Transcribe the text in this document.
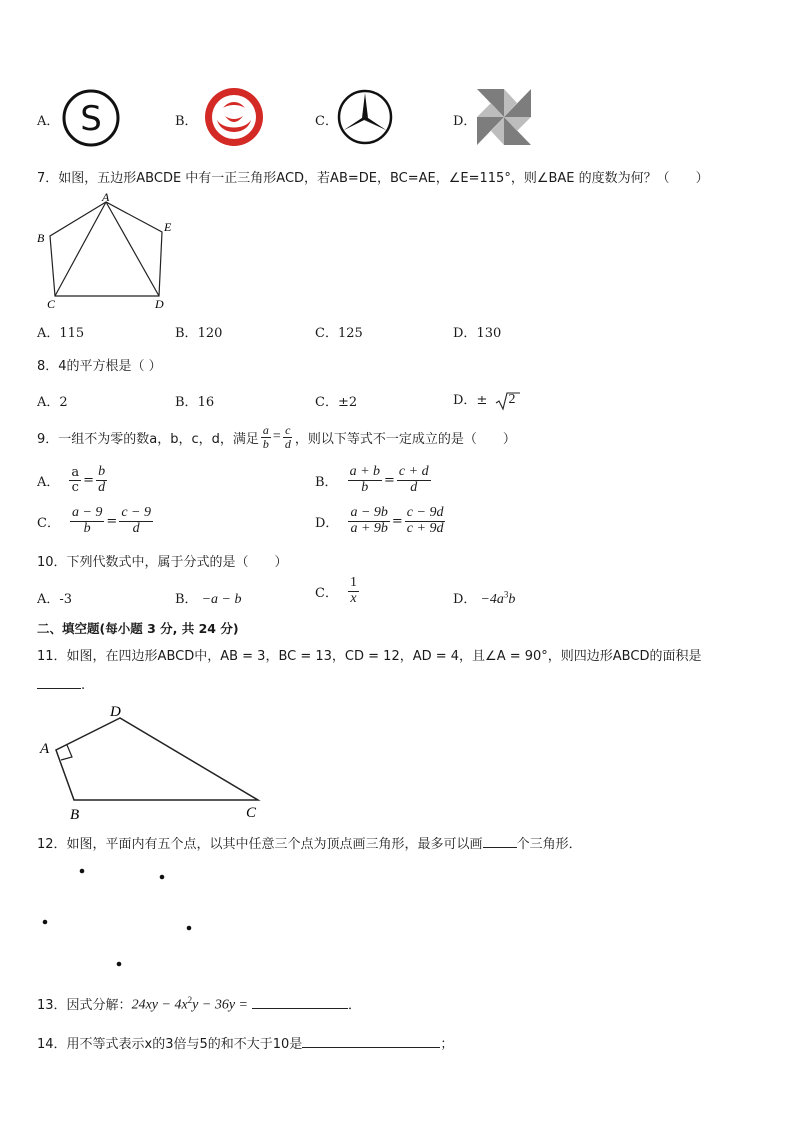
A． S	B．	C．	D．
7．如图，五边形ABCDE 中有一正三角形ACD，若AB=DE，BC=AE，∠E=115°，则∠BAE 的度数为何？（　　）
A
B
C	D
E
A．115	B．120	C．125	D．130
8．4的平方根是（ ）
A．2	B．16	C．±2	D．± 2
9． 一组不为零的数a，b，c，d，满足 $\frac{a}{b} = \frac{c}{d}$ ，则以下等式不一定成立的是（　　）
A． $\frac{a}{c} = \frac{b}{d}$	B． $\frac{a + b}{b} = \frac{c + d}{d}$
C． $\frac{a - 9}{b} = \frac{c - 9}{d}$	D． $\frac{a - 9b}{a + 9b} = \frac{c - 9d}{c + 9d}$
10．下列代数式中，属于分式的是（　　）
A．-3	B． −a − b	C． $\frac{1}{x}$	D． $-4a^3b$
二、填空题(每小题 3 分, 共 24 分)
11．如图，在四边形ABCD中，AB = 3，BC = 13，CD = 12，AD = 4，且∠A = 90°，则四边形ABCD的面积是
.
A
B	C
D
12．如图，平面内有五个点，以其中任意三个点为顶点画三角形，最多可以画	个三角形．
13． 因式分解： $24xy - 4x^2y - 36y$ =	．
14． 用不等式表示x的3倍与5的和不大于10是	；
